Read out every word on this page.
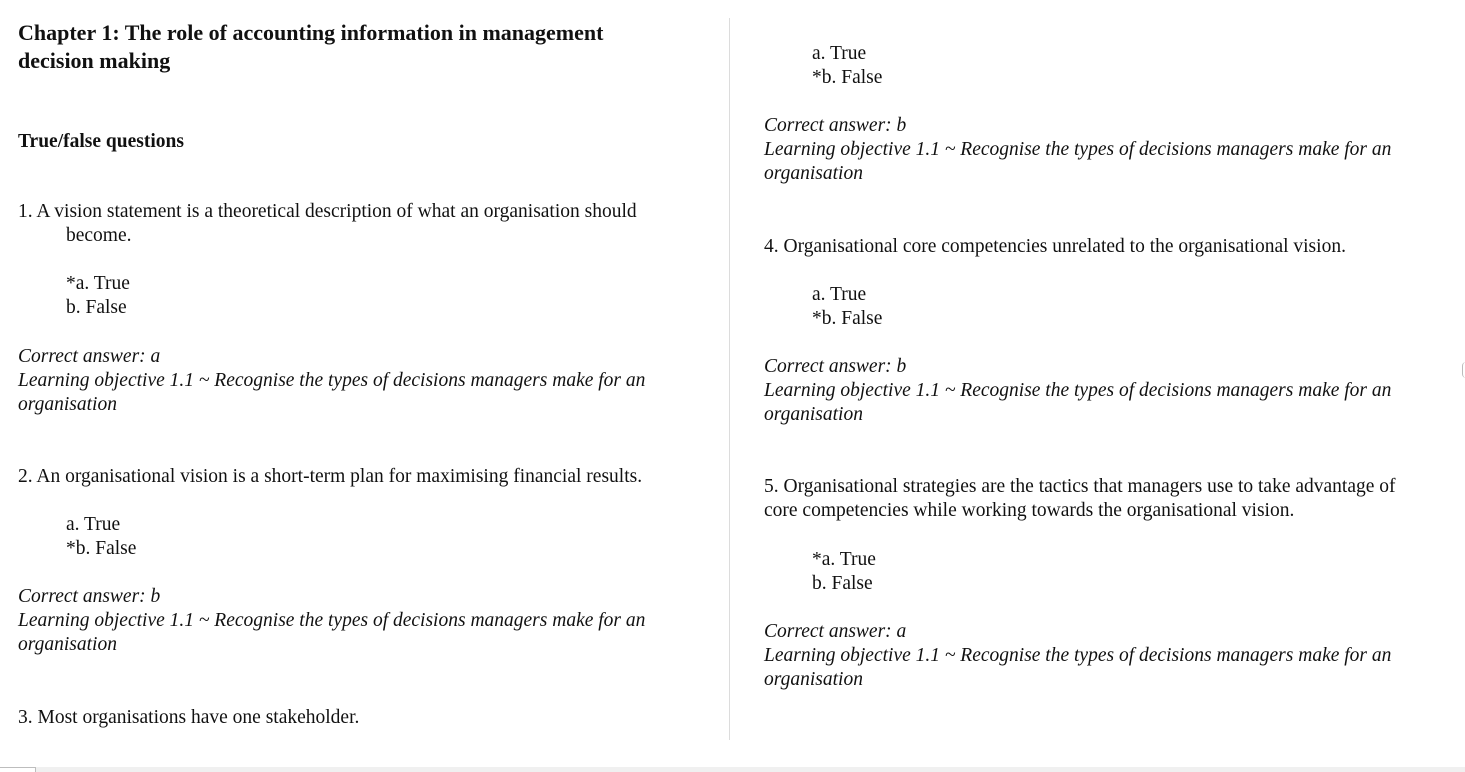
Chapter 1: The role of accounting information in management
decision making
True/false questions
1. A vision statement is a theoretical description of what an organisation should
become.
*a. True
b. False
Correct answer: a
Learning objective 1.1 ~ Recognise the types of decisions managers make for an
organisation
2. An organisational vision is a short-term plan for maximising financial results.
a. True
*b. False
Correct answer: b
Learning objective 1.1 ~ Recognise the types of decisions managers make for an
organisation
3. Most organisations have one stakeholder.
a. True
*b. False
Correct answer: b
Learning objective 1.1 ~ Recognise the types of decisions managers make for an
organisation
4. Organisational core competencies unrelated to the organisational vision.
a. True
*b. False
Correct answer: b
Learning objective 1.1 ~ Recognise the types of decisions managers make for an
organisation
5. Organisational strategies are the tactics that managers use to take advantage of
core competencies while working towards the organisational vision.
*a. True
b. False
Correct answer: a
Learning objective 1.1 ~ Recognise the types of decisions managers make for an
organisation
